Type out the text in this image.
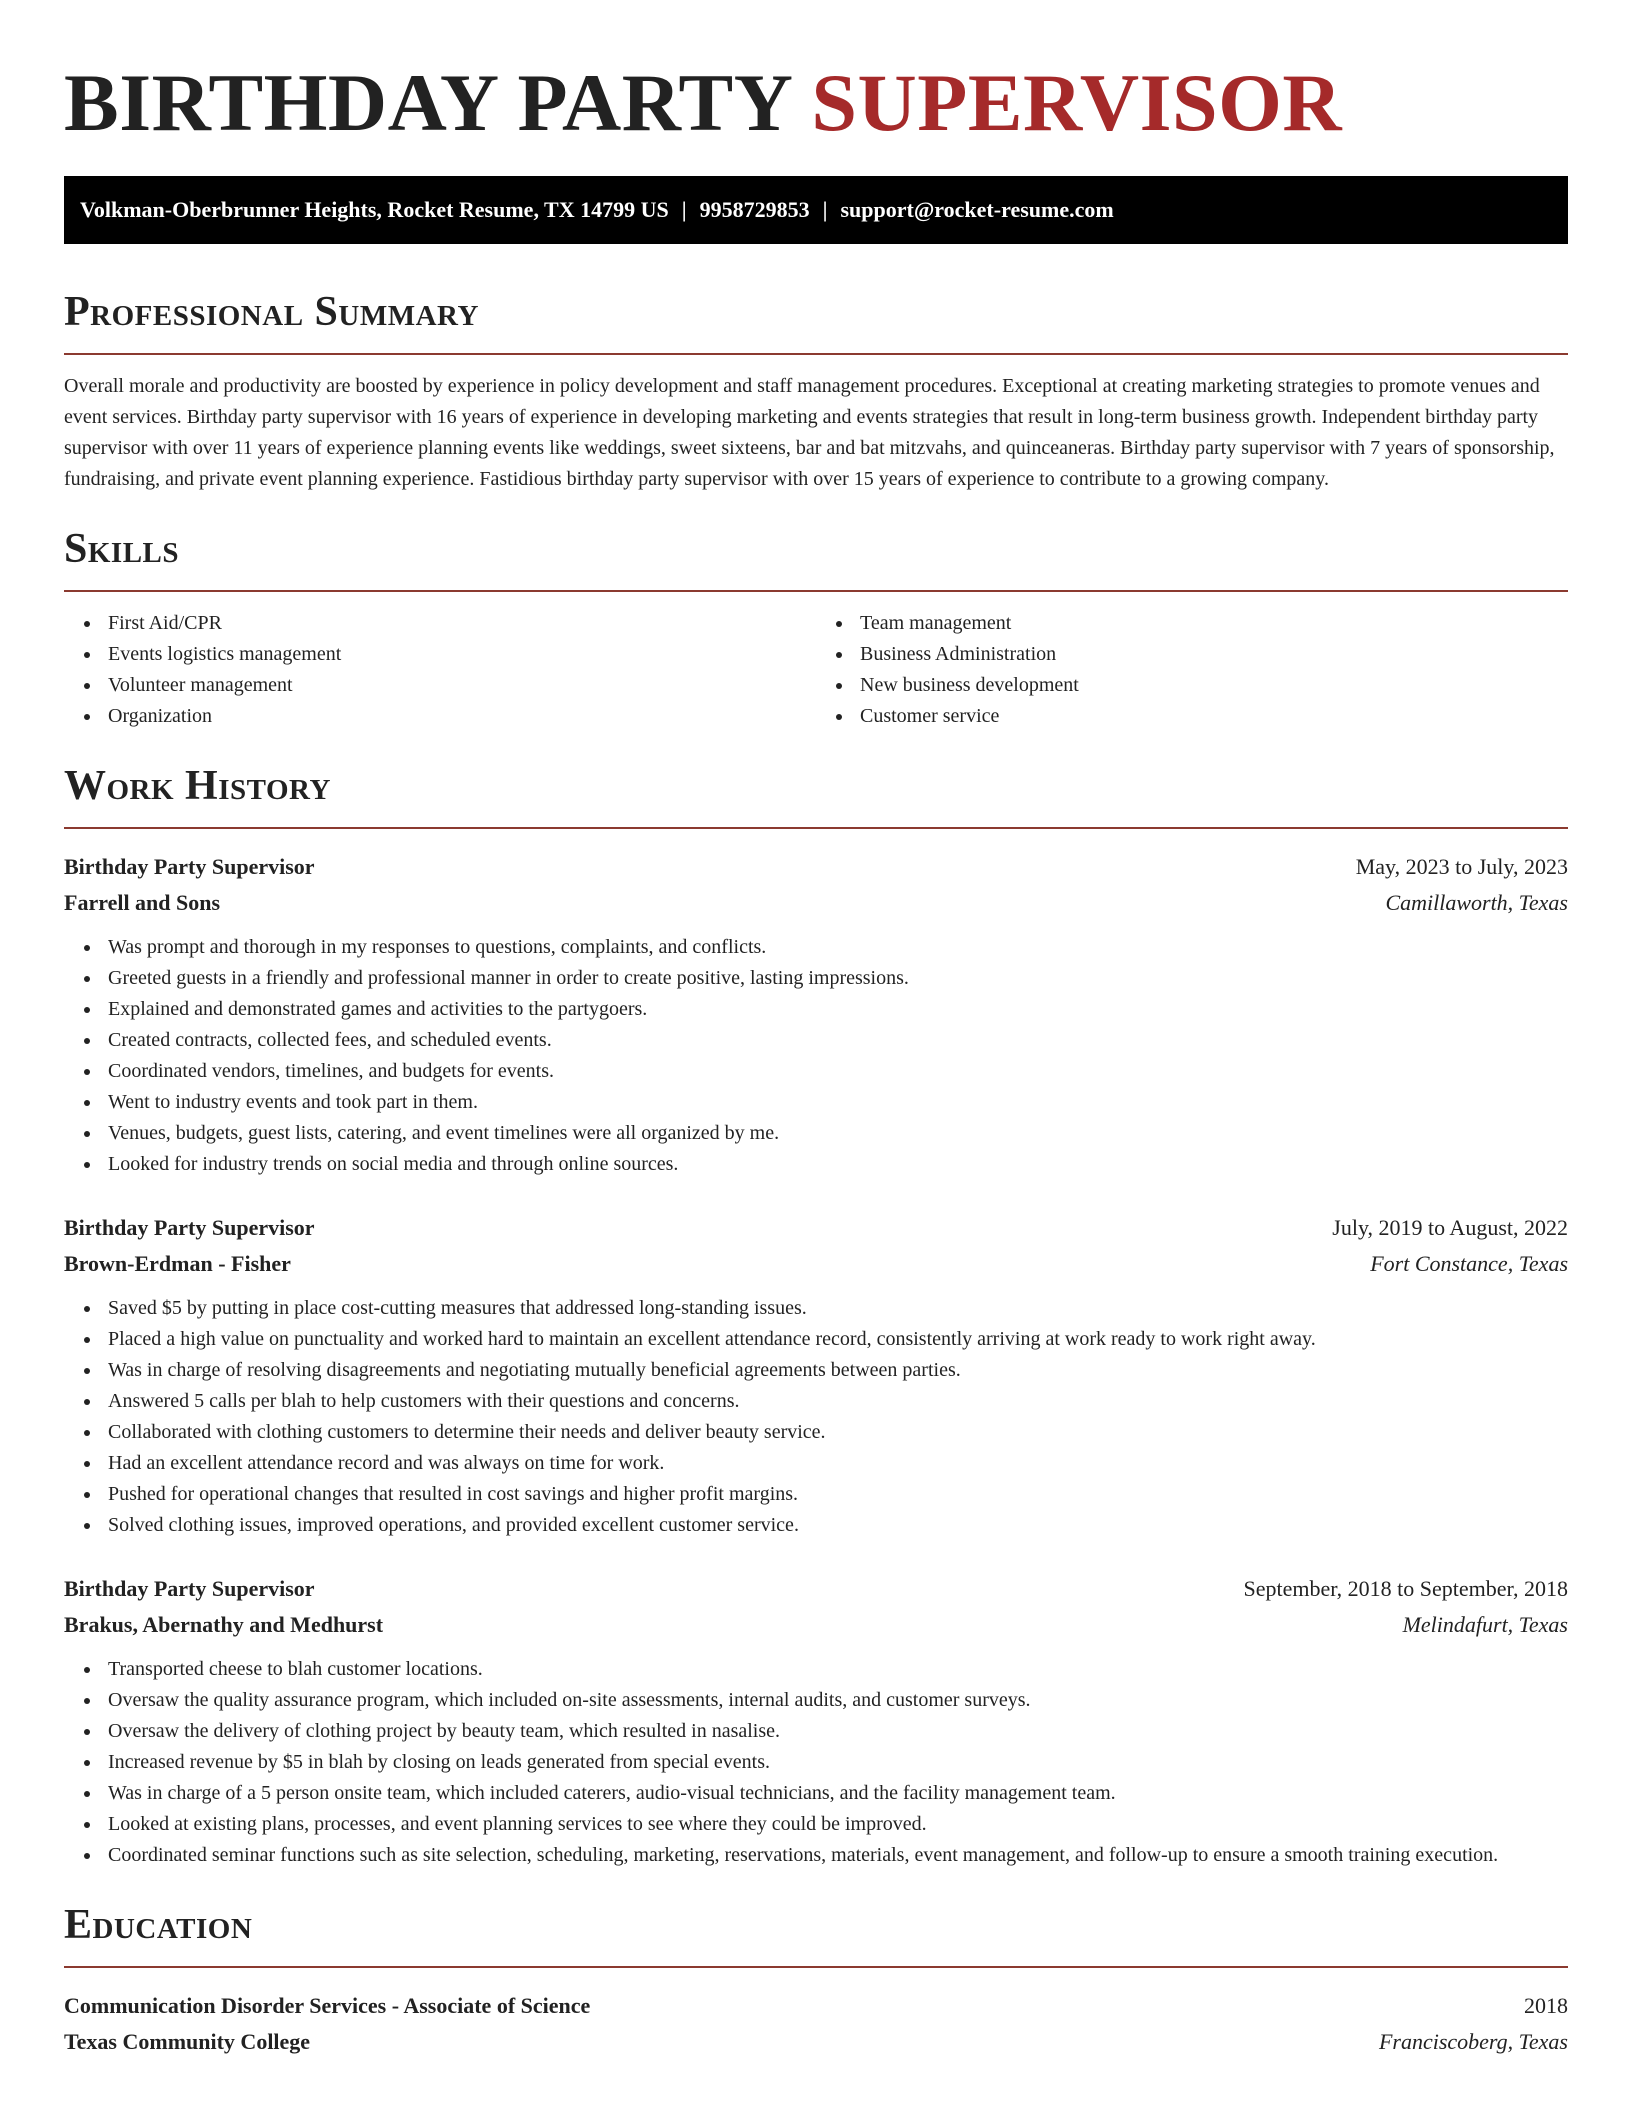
BIRTHDAY PARTY SUPERVISOR
Volkman-Oberbrunner Heights, Rocket Resume, TX 14799 US | 9958729853 | support@rocket-resume.com
Professional Summary

Overall morale and productivity are boosted by experience in policy development and staff management procedures. Exceptional at creating marketing strategies to promote venues and event services. Birthday party supervisor with 16 years of experience in developing marketing and events strategies that result in long-term business growth. Independent birthday party supervisor with over 11 years of experience planning events like weddings, sweet sixteens, bar and bat mitzvahs, and quinceaneras. Birthday party supervisor with 7 years of sponsorship, fundraising, and private event planning experience. Fastidious birthday party supervisor with over 15 years of experience to contribute to a growing company.

Skills
First Aid/CPR
Events logistics management
Volunteer management
Organization
Team management
Business Administration
New business development
Customer service
Work History
Birthday Party Supervisor	May, 2023 to July, 2023
Farrell and Sons	Camillaworth, Texas
Was prompt and thorough in my responses to questions, complaints, and conflicts.
Greeted guests in a friendly and professional manner in order to create positive, lasting impressions.
Explained and demonstrated games and activities to the partygoers.
Created contracts, collected fees, and scheduled events.
Coordinated vendors, timelines, and budgets for events.
Went to industry events and took part in them.
Venues, budgets, guest lists, catering, and event timelines were all organized by me.
Looked for industry trends on social media and through online sources.
Birthday Party Supervisor	July, 2019 to August, 2022
Brown-Erdman - Fisher	Fort Constance, Texas
Saved $5 by putting in place cost-cutting measures that addressed long-standing issues.
Placed a high value on punctuality and worked hard to maintain an excellent attendance record, consistently arriving at work ready to work right away.
Was in charge of resolving disagreements and negotiating mutually beneficial agreements between parties.
Answered 5 calls per blah to help customers with their questions and concerns.
Collaborated with clothing customers to determine their needs and deliver beauty service.
Had an excellent attendance record and was always on time for work.
Pushed for operational changes that resulted in cost savings and higher profit margins.
Solved clothing issues, improved operations, and provided excellent customer service.
Birthday Party Supervisor	September, 2018 to September, 2018
Brakus, Abernathy and Medhurst	Melindafurt, Texas
Transported cheese to blah customer locations.
Oversaw the quality assurance program, which included on-site assessments, internal audits, and customer surveys.
Oversaw the delivery of clothing project by beauty team, which resulted in nasalise.
Increased revenue by $5 in blah by closing on leads generated from special events.
Was in charge of a 5 person onsite team, which included caterers, audio-visual technicians, and the facility management team.
Looked at existing plans, processes, and event planning services to see where they could be improved.
Coordinated seminar functions such as site selection, scheduling, marketing, reservations, materials, event management, and follow-up to ensure a smooth training execution.
Education
Communication Disorder Services - Associate of Science	2018
Texas Community College	Franciscoberg, Texas
